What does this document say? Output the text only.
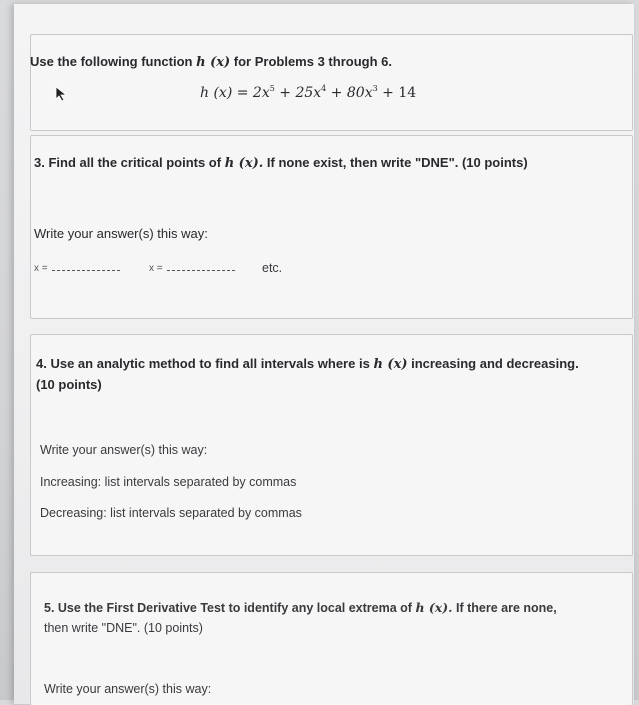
Use the following function h (x) for Problems 3 through 6.
h $(x) = 2x^5 + 25x^4 + 80x^3 + 14$
3. Find all the critical points of h (x). If none exist, then write "DNE". (10 points)
Write your answer(s) this way:
x =	x =	etc.
4. Use an analytic method to find all intervals where is h (x) increasing and decreasing.
(10 points)
Write your answer(s) this way:
Increasing: list intervals separated by commas
Decreasing: list intervals separated by commas
5. Use the First Derivative Test to identify any local extrema of h (x). If there are none,
then write "DNE". (10 points)
Write your answer(s) this way:
